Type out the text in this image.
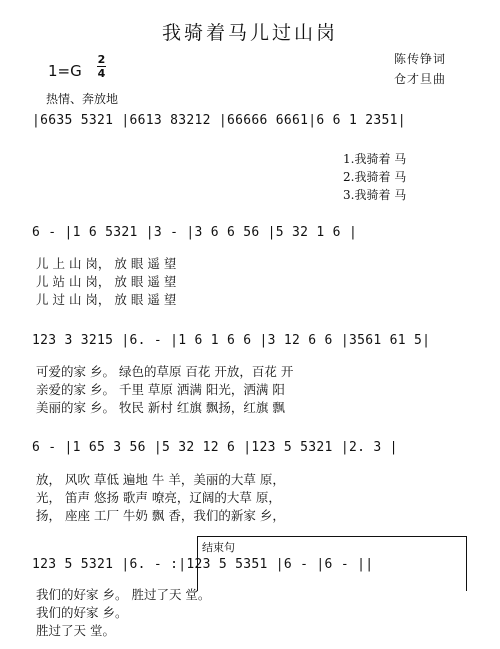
我骑着马儿过山岗
1=G
2
4
陈传铮词
仓才旦曲
热情、奔放地
|6635 5321 |6613 83212 |66666 6661|6 6 1 2351|
1.我骑着 马
2.我骑着 马
3.我骑着 马
6 - |1 6 5321 |3 - |3 6 6 56 |5 32 1 6 |
儿 上 山 岗， 放 眼 遥 望
儿 站 山 岗， 放 眼 遥 望
儿 过 山 岗， 放 眼 遥 望
123 3 3215 |6. - |1 6 1 6 6 |3 12 6 6 |3561 61 5|
可爱的家 乡。 绿色的草原 百花 开放，百花 开
亲爱的家 乡。 千里 草原 洒满 阳光，洒满 阳
美丽的家 乡。 牧民 新村 红旗 飘扬，红旗 飘
6 - |1 65 3 56 |5 32 12 6 |123 5 5321 |2. 3 |
放， 风吹 草低 遍地 牛 羊，美丽的大草 原，
光， 笛声 悠扬 歌声 嘹亮，辽阔的大草 原，
扬， 座座 工厂 牛奶 飘 香，我们的新家 乡，
结束句
123 5 5321 |6. - :|123 5 5351 |6 - |6 - ||
我们的好家 乡。 胜过了天 堂。
我们的好家 乡。
胜过了天 堂。
